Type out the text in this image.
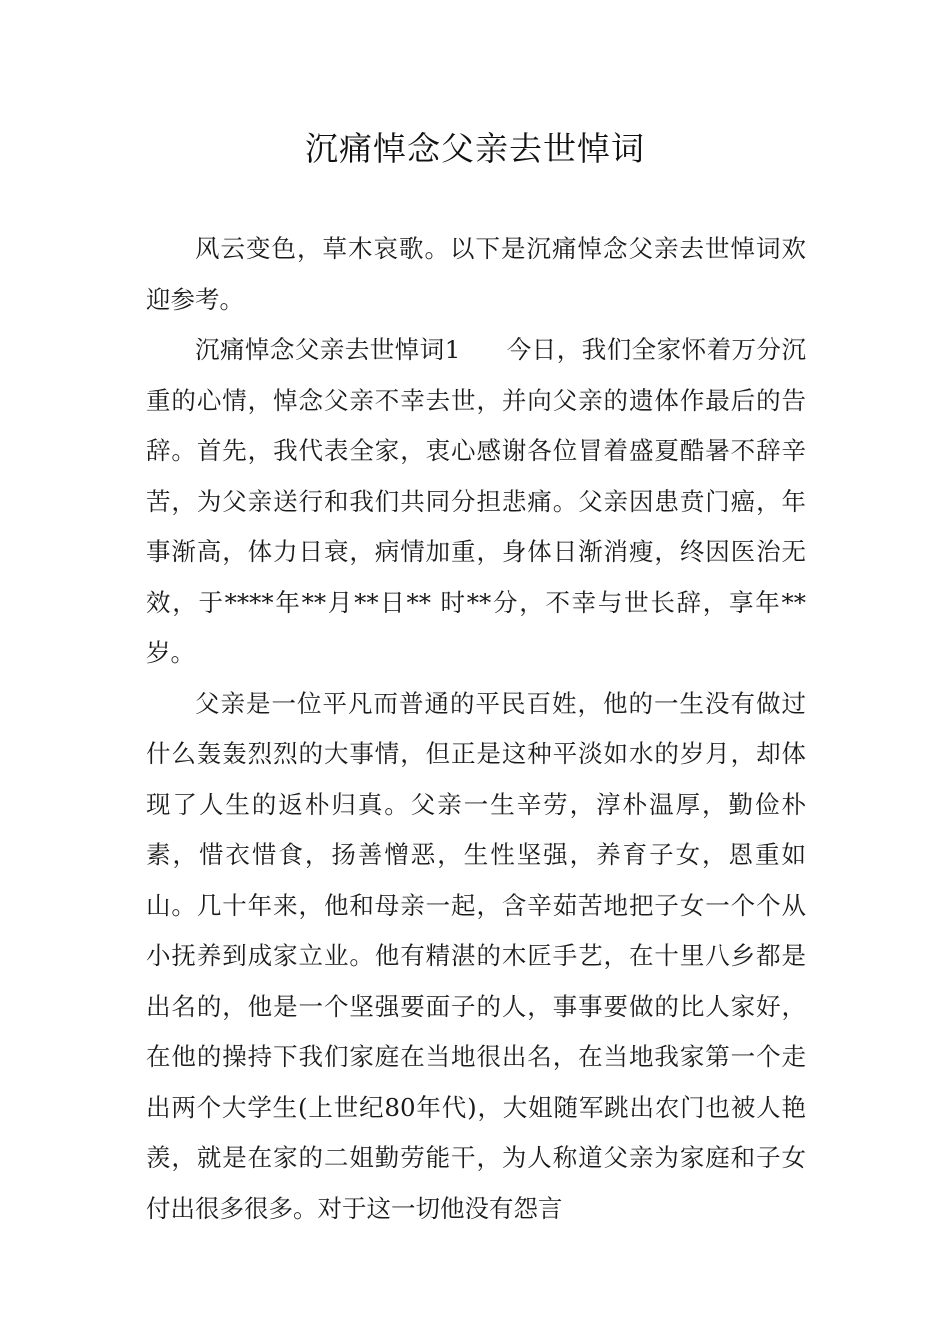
沉痛悼念父亲去世悼词

风云变色，草木哀歌。以下是沉痛悼念父亲去世悼词欢迎参考。

沉痛悼念父亲去世悼词1 今日，我们全家怀着万分沉重的心情，悼念父亲不幸去世，并向父亲的遗体作最后的告辞。首先，我代表全家，衷心感谢各位冒着盛夏酷暑不辞辛苦，为父亲送行和我们共同分担悲痛。父亲因患贲门癌，年事渐高，体力日衰，病情加重，身体日渐消瘦，终因医治无效，于****年**月**日** 时**分，不幸与世长辞，享年**岁。

父亲是一位平凡而普通的平民百姓，他的一生没有做过什么轰轰烈烈的大事情，但正是这种平淡如水的岁月，却体现了人生的返朴归真。父亲一生辛劳，淳朴温厚，勤俭朴素，惜衣惜食，扬善憎恶，生性坚强，养育子女，恩重如山。几十年来，他和母亲一起，含辛茹苦地把子女一个个从小抚养到成家立业。他有精湛的木匠手艺，在十里八乡都是出名的，他是一个坚强要面子的人，事事要做的比人家好，在他的操持下我们家庭在当地很出名，在当地我家第一个走出两个大学生(上世纪80年代)，大姐随军跳出农门也被人艳羡，就是在家的二姐勤劳能干，为人称道父亲为家庭和子女付出很多很多。对于这一切他没有怨言
